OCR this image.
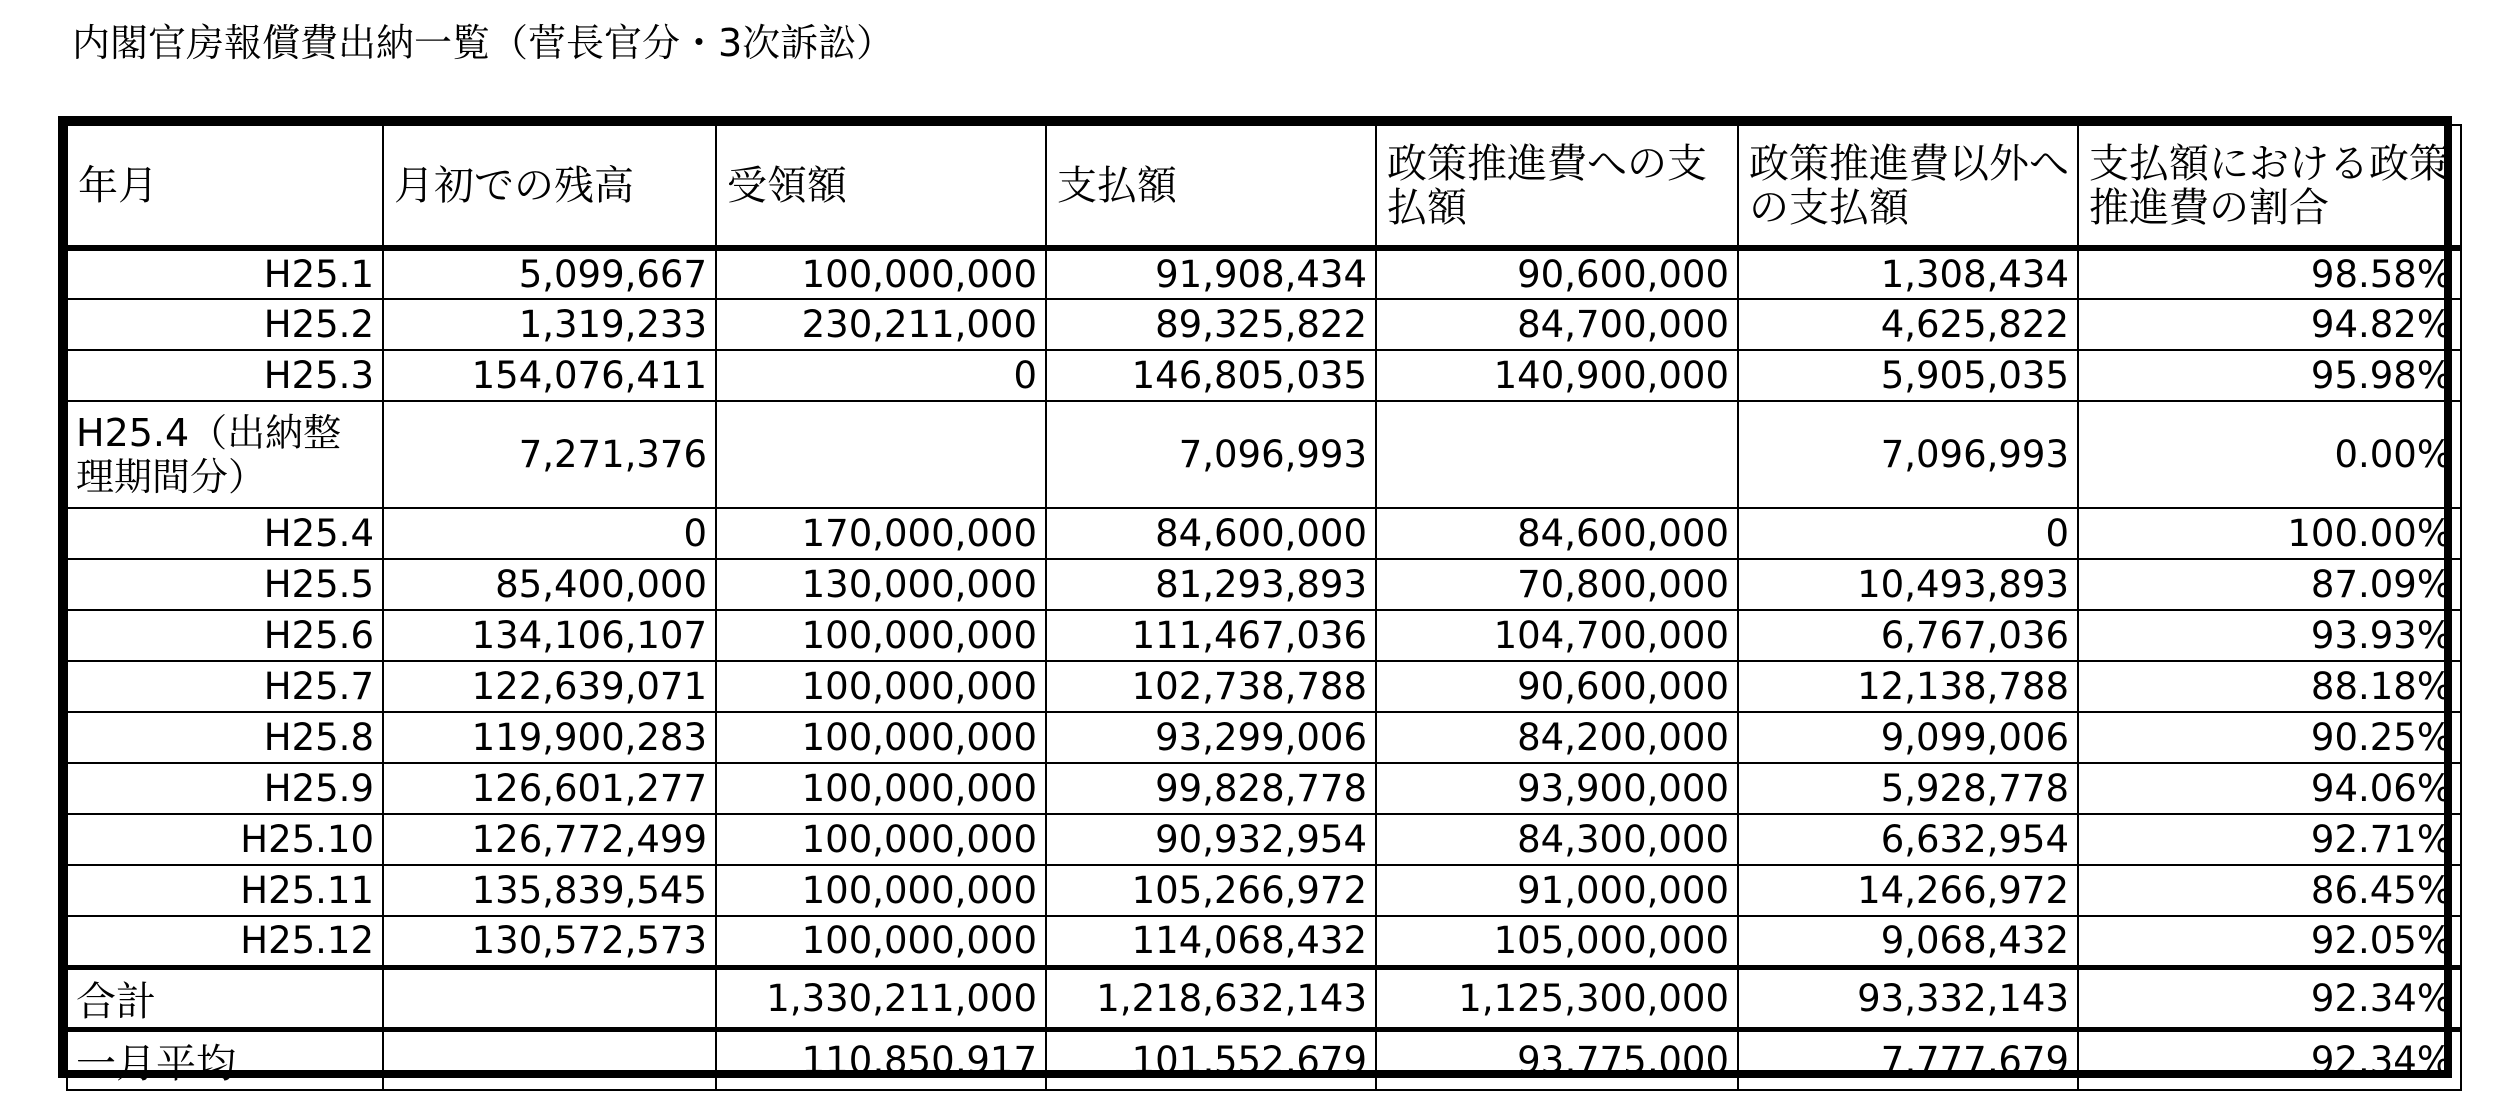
内閣官房報償費出納一覧（菅長官分・3次訴訟）
年月	月初での残高	受領額	支払額	政策推進費への支払額	政策推進費以外への支払額	支払額における政策推進費の割合
H25.1	5,099,667	100,000,000	91,908,434	90,600,000	1,308,434	98.58%
H25.2	1,319,233	230,211,000	89,325,822	84,700,000	4,625,822	94.82%
H25.3	154,076,411	0	146,805,035	140,900,000	5,905,035	95.98%
H25.4（出納整理期間分）	7,271,376		7,096,993		7,096,993	0.00%
H25.4	0	170,000,000	84,600,000	84,600,000	0	100.00%
H25.5	85,400,000	130,000,000	81,293,893	70,800,000	10,493,893	87.09%
H25.6	134,106,107	100,000,000	111,467,036	104,700,000	6,767,036	93.93%
H25.7	122,639,071	100,000,000	102,738,788	90,600,000	12,138,788	88.18%
H25.8	119,900,283	100,000,000	93,299,006	84,200,000	9,099,006	90.25%
H25.9	126,601,277	100,000,000	99,828,778	93,900,000	5,928,778	94.06%
H25.10	126,772,499	100,000,000	90,932,954	84,300,000	6,632,954	92.71%
H25.11	135,839,545	100,000,000	105,266,972	91,000,000	14,266,972	86.45%
H25.12	130,572,573	100,000,000	114,068,432	105,000,000	9,068,432	92.05%
合計		1,330,211,000	1,218,632,143	1,125,300,000	93,332,143	92.34%
一月平均		110,850,917	101,552,679	93,775,000	7,777,679	92.34%
